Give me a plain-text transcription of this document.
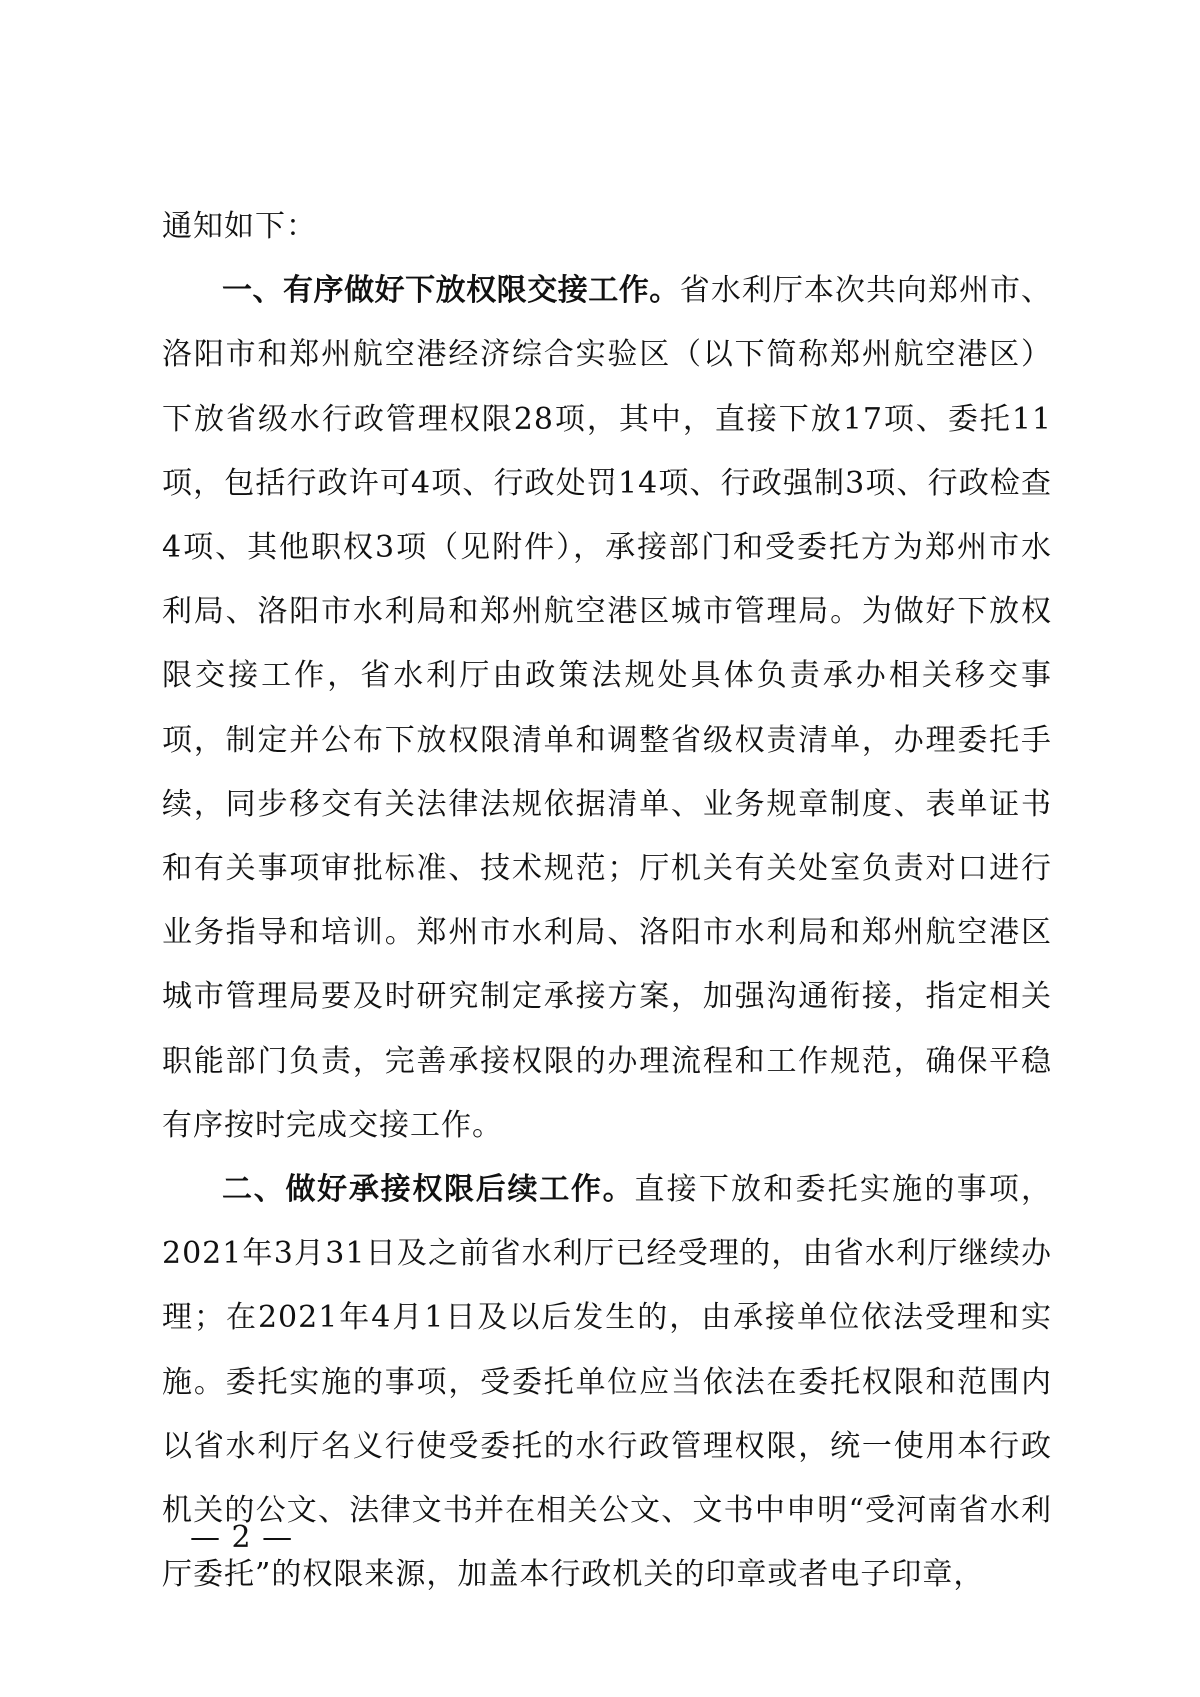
通知如下：

一、有序做好下放权限交接工作。省水利厅本次共向郑州市、洛阳市和郑州航空港经济综合实验区（以下简称郑州航空港区）下放省级水行政管理权限28项，其中，直接下放17项、委托11项，包括行政许可4项、行政处罚14项、行政强制3项、行政检查4项、其他职权3项（见附件），承接部门和受委托方为郑州市水利局、洛阳市水利局和郑州航空港区城市管理局。为做好下放权限交接工作，省水利厅由政策法规处具体负责承办相关移交事项，制定并公布下放权限清单和调整省级权责清单，办理委托手续，同步移交有关法律法规依据清单、业务规章制度、表单证书和有关事项审批标准、技术规范；厅机关有关处室负责对口进行业务指导和培训。郑州市水利局、洛阳市水利局和郑州航空港区城市管理局要及时研究制定承接方案，加强沟通衔接，指定相关职能部门负责，完善承接权限的办理流程和工作规范，确保平稳有序按时完成交接工作。

二、做好承接权限后续工作。直接下放和委托实施的事项，2021年3月31日及之前省水利厅已经受理的，由省水利厅继续办理；在2021年4月1日及以后发生的，由承接单位依法受理和实施。委托实施的事项，受委托单位应当依法在委托权限和范围内以省水利厅名义行使受委托的水行政管理权限，统一使用本行政机关的公文、法律文书并在相关公文、文书中申明“受河南省水利厅委托”的权限来源，加盖本行政机关的印章或者电子印章，

— 2 —
